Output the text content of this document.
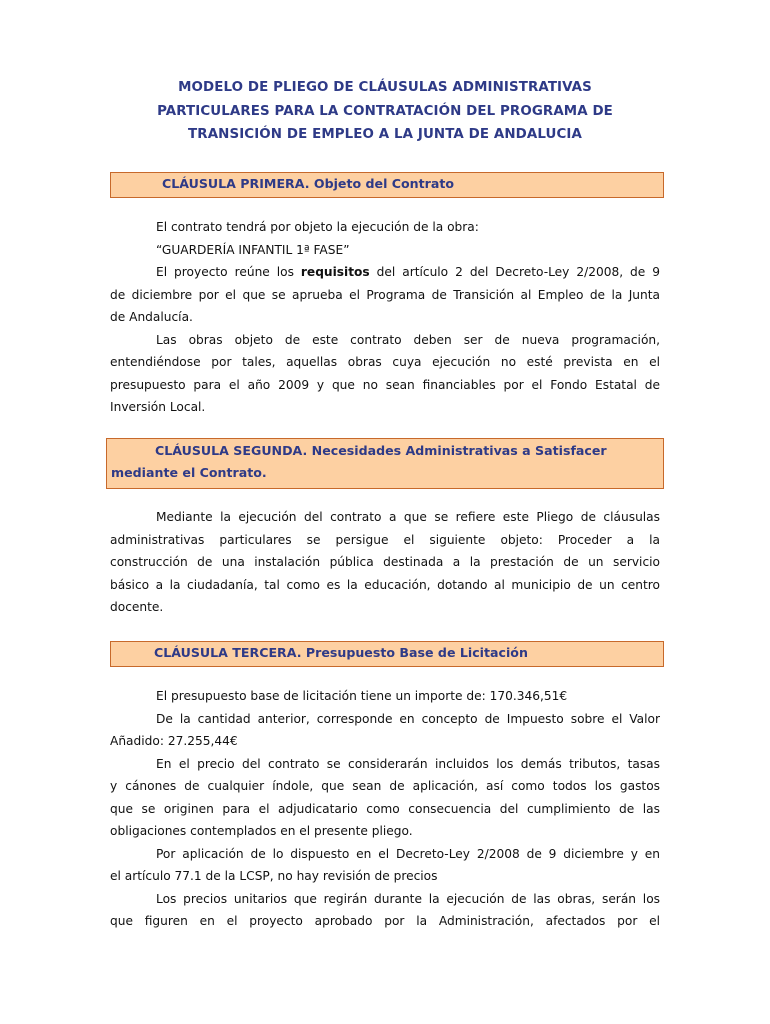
MODELO DE PLIEGO DE CLÁUSULAS ADMINISTRATIVAS
PARTICULARES PARA LA CONTRATACIÓN DEL PROGRAMA DE
TRANSICIÓN DE EMPLEO A LA JUNTA DE ANDALUCIA
CLÁUSULA PRIMERA. Objeto del Contrato
El contrato tendrá por objeto la ejecución de la obra:
“GUARDERÍA INFANTIL 1ª FASE”
El proyecto reúne los requisitos del artículo 2 del Decreto-Ley 2/2008, de 9
de diciembre por el que se aprueba el Programa de Transición al Empleo de la Junta
de Andalucía.
Las obras objeto de este contrato deben ser de nueva programación,
entendiéndose por tales, aquellas obras cuya ejecución no esté prevista en el
presupuesto para el año 2009 y que no sean financiables por el Fondo Estatal de
Inversión Local.
CLÁUSULA SEGUNDA. Necesidades Administrativas a Satisfacer
mediante el Contrato.
Mediante la ejecución del contrato a que se refiere este Pliego de cláusulas
administrativas particulares se persigue el siguiente objeto: Proceder a la
construcción de una instalación pública destinada a la prestación de un servicio
básico a la ciudadanía, tal como es la educación, dotando al municipio de un centro
docente.
CLÁUSULA TERCERA. Presupuesto Base de Licitación
El presupuesto base de licitación tiene un importe de: 170.346,51€
De la cantidad anterior, corresponde en concepto de Impuesto sobre el Valor
Añadido: 27.255,44€
En el precio del contrato se considerarán incluidos los demás tributos, tasas
y cánones de cualquier índole, que sean de aplicación, así como todos los gastos
que se originen para el adjudicatario como consecuencia del cumplimiento de las
obligaciones contemplados en el presente pliego.
Por aplicación de lo dispuesto en el Decreto-Ley 2/2008 de 9 diciembre y en
el artículo 77.1 de la LCSP, no hay revisión de precios
Los precios unitarios que regirán durante la ejecución de las obras, serán los
que figuren en el proyecto aprobado por la Administración, afectados por el
